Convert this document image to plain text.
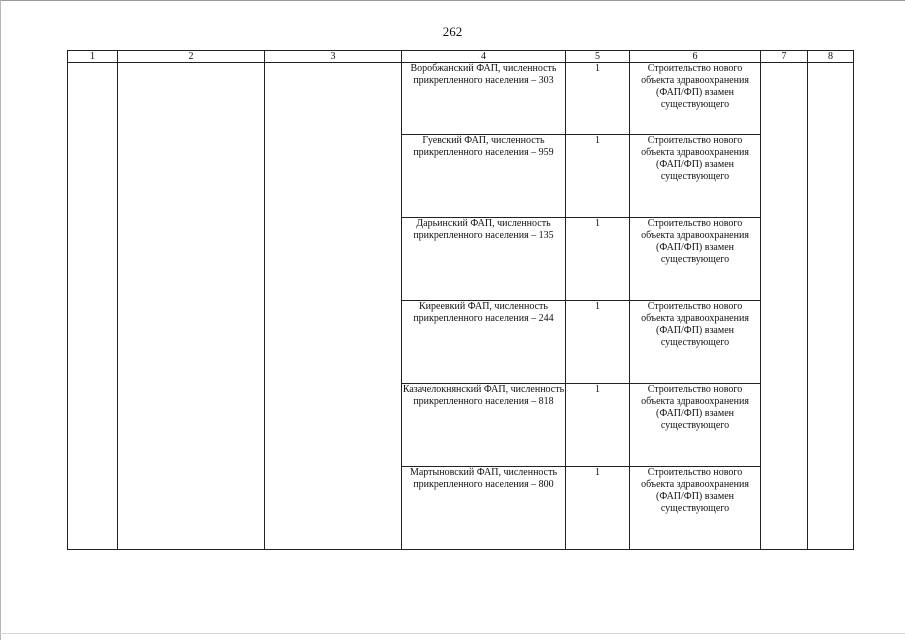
262
1	2	3	4	5	6	7	8
			Воробжанский ФАП, численность прикрепленного населения – 303	1	Строительство нового объекта здравоохранения (ФАП/ФП) взамен существующего		
			Гуевский ФАП, численность прикрепленного населения – 959	1	Строительство нового объекта здравоохранения (ФАП/ФП) взамен существующего		
			Дарьинский ФАП, численность прикрепленного населения – 135	1	Строительство нового объекта здравоохранения (ФАП/ФП) взамен существующего		
			Киреевкий ФАП, численность прикрепленного населения – 244	1	Строительство нового объекта здравоохранения (ФАП/ФП) взамен существующего		
			Казачелокнянский ФАП, численность прикрепленного населения – 818	1	Строительство нового объекта здравоохранения (ФАП/ФП) взамен существующего		
			Мартыновский ФАП, численность прикрепленного населения – 800	1	Строительство нового объекта здравоохранения (ФАП/ФП) взамен существующего		
